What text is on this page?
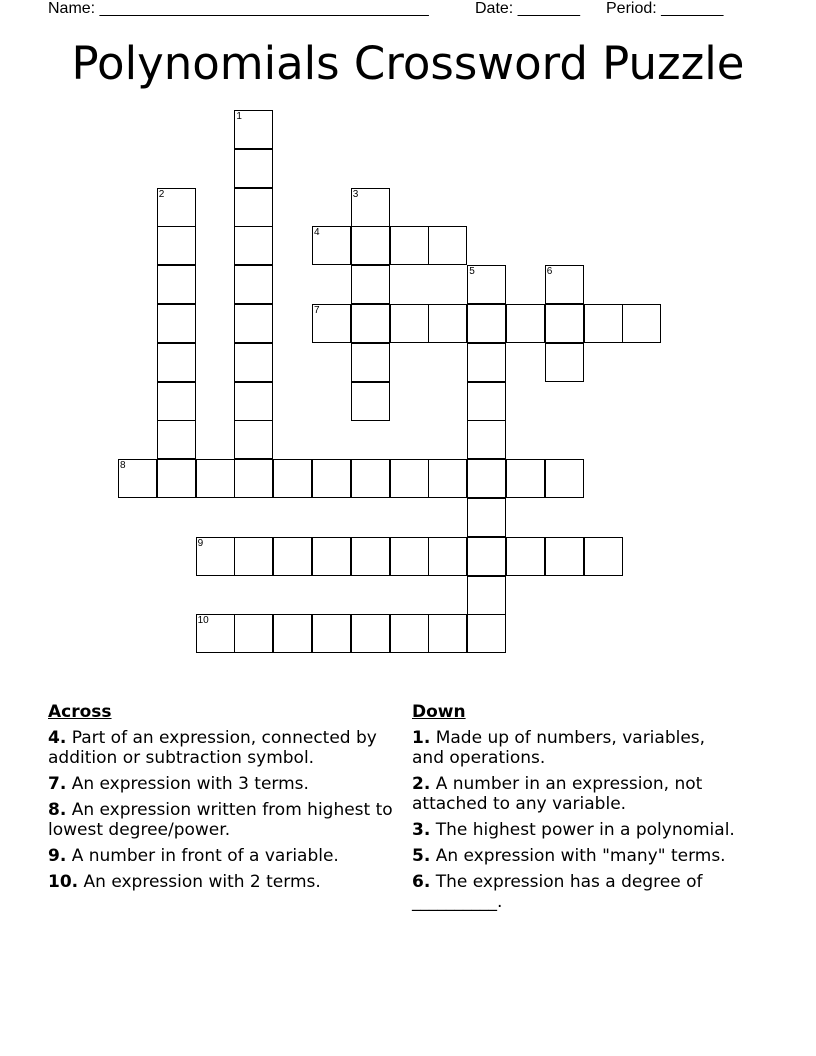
Name: _____________________________________	Date: _______ Period: _______
Polynomials Crossword Puzzle
1
2	3
4
5	6
7
8
9
10
Across
4. Part of an expression, connected by addition or subtraction symbol.
7. An expression with 3 terms.
8. An expression written from highest to lowest degree/power.
9. A number in front of a variable.
10. An expression with 2 terms.
Down
1. Made up of numbers, variables, and operations.
2. A number in an expression, not attached to any variable.
3. The highest power in a polynomial.
5. An expression with "many" terms.
6. The expression has a degree of __________.
